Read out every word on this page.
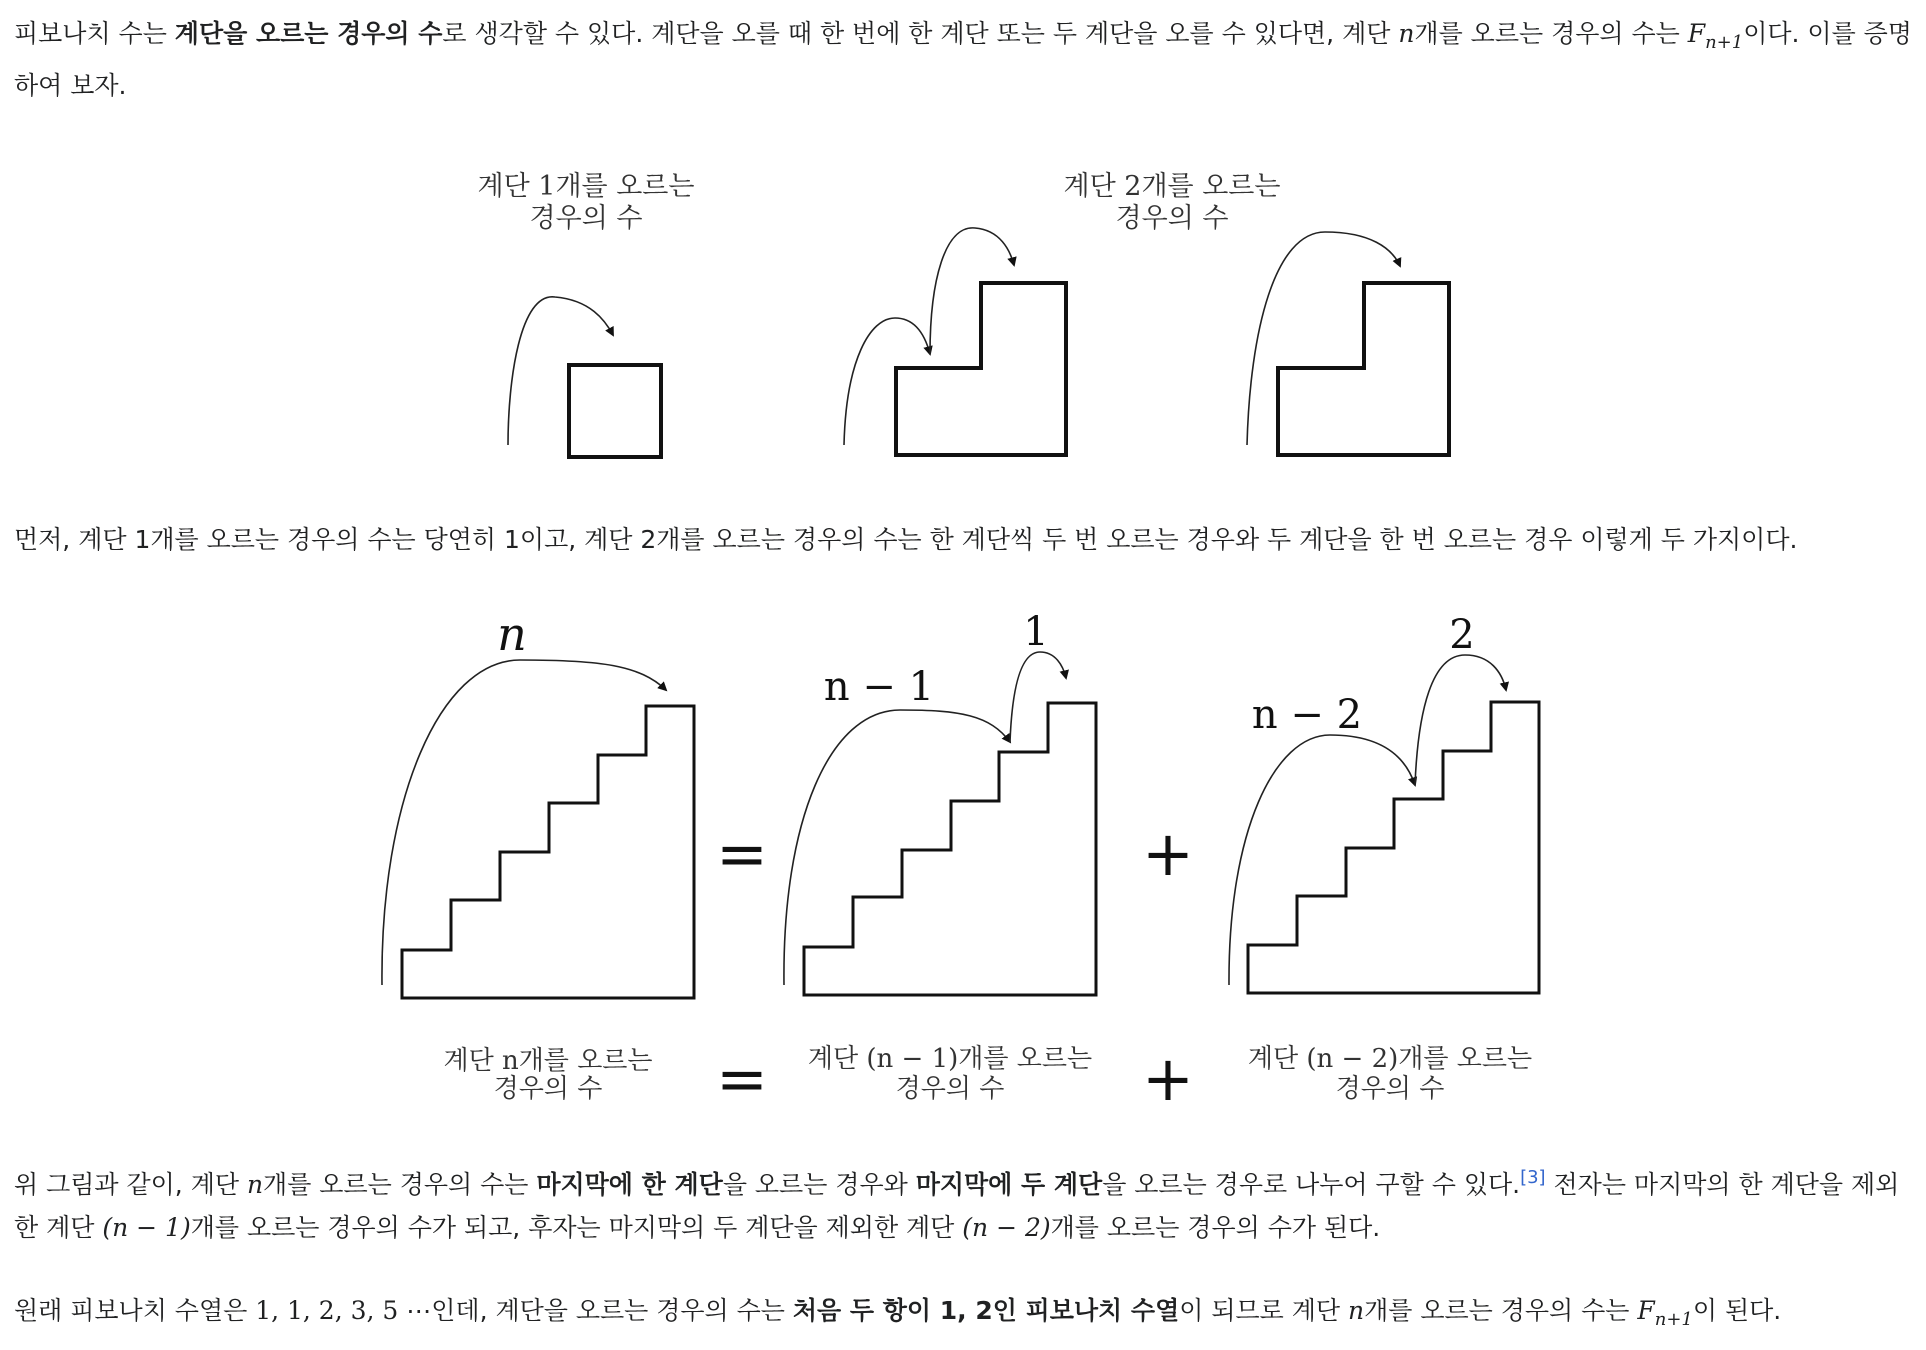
피보나치 수는 계단을 오르는 경우의 수로 생각할 수 있다. 계단을 오를 때 한 번에 한 계단 또는 두 계단을 오를 수 있다면, 계단 n개를 오르는 경우의 수는 $F_{n+1}$이다. 이를 증명하여 보자.

먼저, 계단 1개를 오르는 경우의 수는 당연히 1이고, 계단 2개를 오르는 경우의 수는 한 계단씩 두 번 오르는 경우와 두 계단을 한 번 오르는 경우 이렇게 두 가지이다.

위 그림과 같이, 계단 n개를 오르는 경우의 수는 마지막에 한 계단을 오르는 경우와 마지막에 두 계단을 오르는 경우로 나누어 구할 수 있다.[3] 전자는 마지막의 한 계단을 제외한 계단 (n − 1)개를 오르는 경우의 수가 되고, 후자는 마지막의 두 계단을 제외한 계단 (n − 2)개를 오르는 경우의 수가 된다.

원래 피보나치 수열은 1, 1, 2, 3, 5 ⋯인데, 계단을 오르는 경우의 수는 처음 두 항이 1, 2인 피보나치 수열이 되므로 계단 n개를 오르는 경우의 수는 $F_{n+1}$이 된다.

계단 1개를 오르는
경우의 수
계단 2개를 오르는
경우의 수
n
=
n − 1
1
+
n − 2
2
계단 n개를 오르는
경우의 수 = 계단 (n − 1)개를 오르는
경우의 수 + 계단 (n − 2)개를 오르는
경우의 수
